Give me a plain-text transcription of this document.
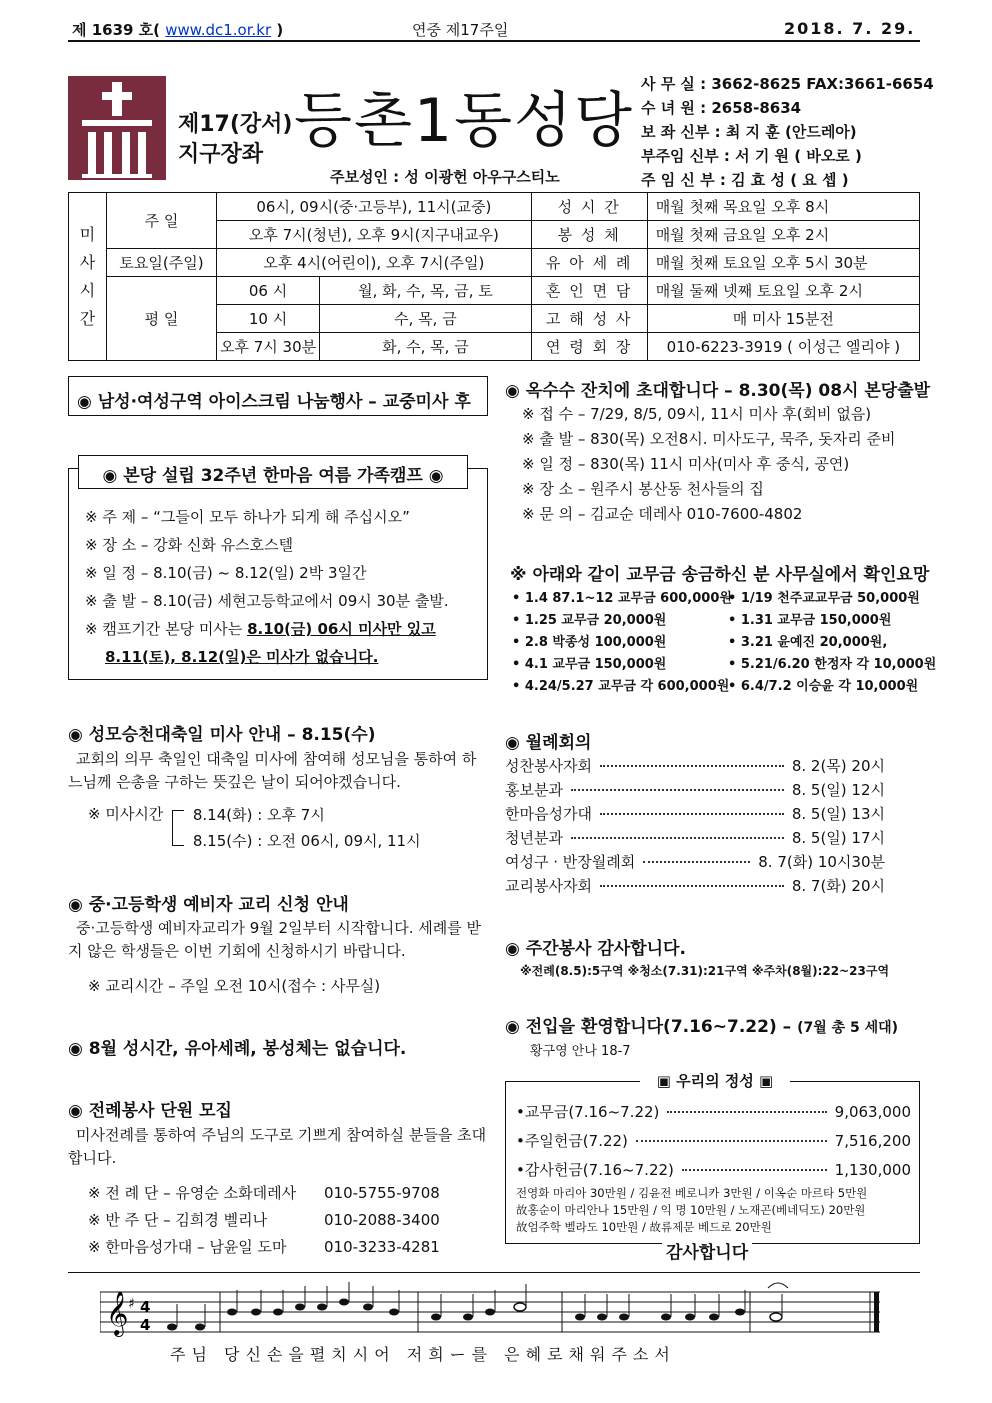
제 1639 호( www.dc1.or.kr )	연중 제17주일	2018. 7. 29.
제17(강서)
지구장좌 등촌1동성당
주보성인 : 성 이광헌 아우구스티노
사 무 실 : 3662-8625 FAX:3661-6654
수 녀 원 : 2658-8634
보 좌 신부 : 최 지 훈 (안드레아)
부주임 신부 : 서 기 원 ( 바오로 )
주 임 신 부 : 김 효 성 ( 요 셉 )
미
사
시
간	주 일	06시, 09시(중·고등부), 11시(교중)		성 시 간	매월 첫째 목요일 오후 8시
		오후 7시(청년), 오후 9시(지구내교우)		봉 성 체	매월 첫째 금요일 오후 2시
	토요일(주일)	오후 4시(어린이), 오후 7시(주일)		유 아 세 례	매월 첫째 토요일 오후 5시 30분
	평 일	06 시	월, 화, 수, 목, 금, 토	혼 인 면 담	매월 둘째 넷째 토요일 오후 2시
		10 시	수, 목, 금	고 해 성 사	매 미사 15분전
		오후 7시 30분	화, 수, 목, 금	연 령 회 장	010-6223-3919 ( 이성근 엘리야 )
◉ 남성·여성구역 아이스크림 나눔행사 – 교중미사 후
※ 주 제 – “그들이 모두 하나가 되게 해 주십시오”
※ 장 소 – 강화 신화 유스호스텔
※ 일 정 – 8.10(금) ~ 8.12(일) 2박 3일간
※ 출 발 – 8.10(금) 세현고등학교에서 09시 30분 출발.
※ 캠프기간 본당 미사는 8.10(금) 06시 미사만 있고
8.11(토), 8.12(일)은 미사가 없습니다.
◉ 본당 설립 32주년 한마음 여름 가족캠프 ◉
◉ 성모승천대축일 미사 안내 – 8.15(수)
교회의 의무 축일인 대축일 미사에 참여해 성모님을 통하여 하느님께 은총을 구하는 뜻깊은 날이 되어야겠습니다.
※ 미사시간 8.14(화) : 오후 7시
8.15(수) : 오전 06시, 09시, 11시
◉ 중·고등학생 예비자 교리 신청 안내
중·고등학생 예비자교리가 9월 2일부터 시작합니다. 세례를 받지 않은 학생들은 이번 기회에 신청하시기 바랍니다.
※ 교리시간 – 주일 오전 10시(접수 : 사무실)
◉ 8월 성시간, 유아세례, 봉성체는 없습니다.
◉ 전례봉사 단원 모집
미사전례를 통하여 주님의 도구로 기쁘게 참여하실 분들을 초대합니다.
※ 전 례 단 – 유영순 소화데레사 010-5755-9708
※ 반 주 단 – 김희경 벨리나	010-2088-3400
※ 한마음성가대 – 남윤일 도마 010-3233-4281
◉ 옥수수 잔치에 초대합니다 – 8.30(목) 08시 본당출발
※ 접 수 – 7/29, 8/5, 09시, 11시 미사 후(회비 없음)
※ 출 발 – 830(목) 오전8시. 미사도구, 묵주, 돗자리 준비
※ 일 정 – 830(목) 11시 미사(미사 후 중식, 공연)
※ 장 소 – 원주시 봉산동 천사들의 집
※ 문 의 – 김교순 데레사 010-7600-4802
※ 아래와 같이 교무금 송금하신 분 사무실에서 확인요망
• 1.4 87.1~12 교무금 600,000원
• 1.25 교무금 20,000원
• 2.8 박종성 100,000원
• 4.1 교무금 150,000원
• 4.24/5.27 교무금 각 600,000원
• 1/19 천주교교무금 50,000원
• 1.31 교무금 150,000원
• 3.21 윤예진 20,000원,
• 5.21/6.20 한정자 각 10,000원
• 6.4/7.2 이승윤 각 10,000원
◉ 월례회의
성찬봉사자회	8. 2(목) 20시
홍보분과	8. 5(일) 12시
한마음성가대	8. 5(일) 13시
청년분과	8. 5(일) 17시
여성구 · 반장월례회	8. 7(화) 10시30분
교리봉사자회	8. 7(화) 20시
◉ 주간봉사 감사합니다.
※전례(8.5):5구역 ※청소(7.31):21구역 ※주차(8월):22~23구역
◉ 전입을 환영합니다(7.16~7.22) – (7월 총 5 세대)
황구영 안나 18-7
•교무금(7.16~7.22)	9,063,000
•주일헌금(7.22)	7,516,200
•감사헌금(7.16~7.22)	1,130,000
전영화 마리아 30만원 / 김윤전 베로니카 3만원 / 이옥순 마르타 5만원
故홍순이 마리안나 15만원 / 익 명 10만원 / 노재곤(베네딕도) 20만원
故엄주학 벨라도 10만원 / 故류제문 베드로 20만원
▣ 우리의 정성 ▣
감사합니다
𝄞 ♯ 4
4
주님 당신손을펼치시어 저희ー를 은혜로채워주소서
